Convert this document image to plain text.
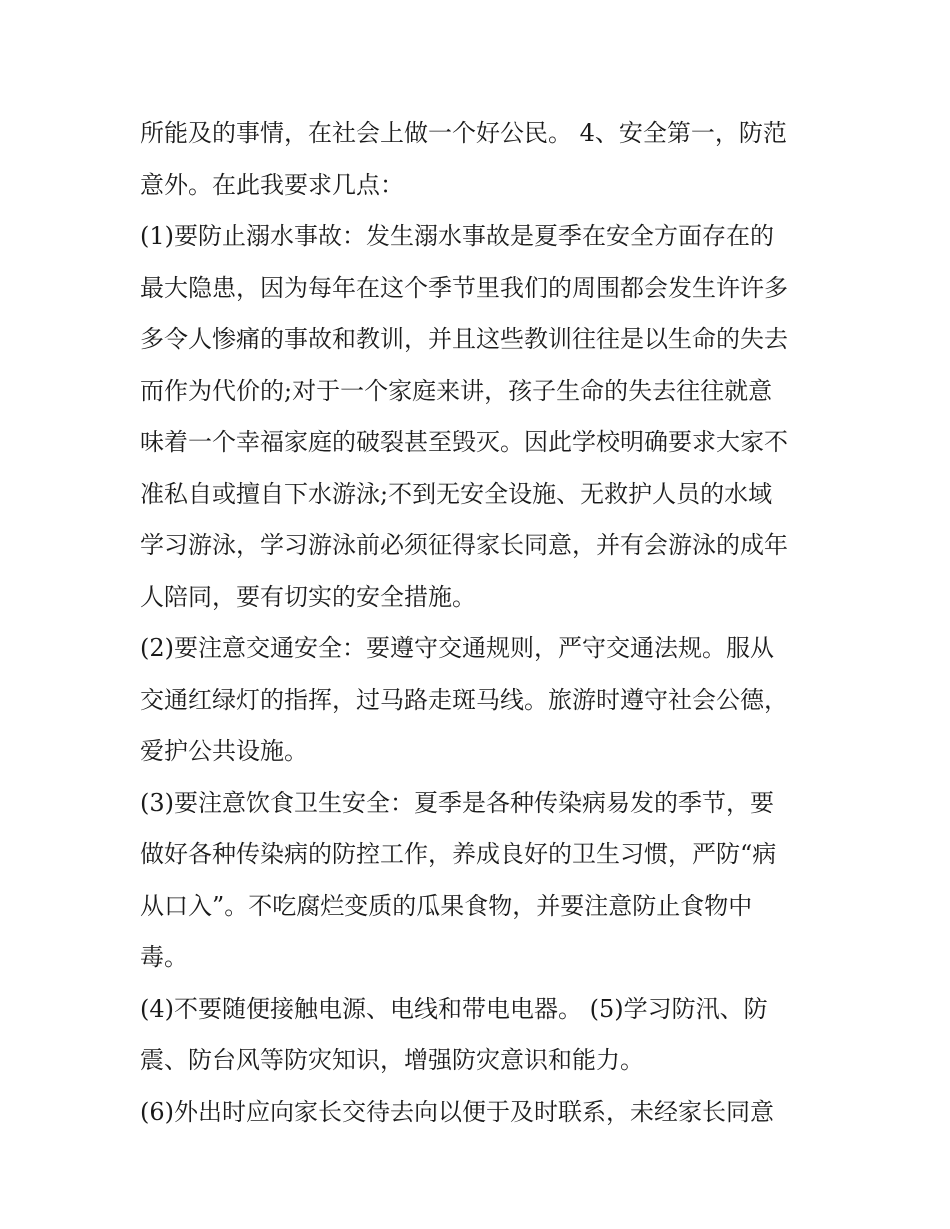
所能及的事情，在社会上做一个好公民。 4、安全第一，防范

意外。在此我要求几点：

(1)要防止溺水事故：发生溺水事故是夏季在安全方面存在的

最大隐患，因为每年在这个季节里我们的周围都会发生许许多

多令人惨痛的事故和教训，并且这些教训往往是以生命的失去

而作为代价的;对于一个家庭来讲，孩子生命的失去往往就意

味着一个幸福家庭的破裂甚至毁灭。因此学校明确要求大家不

准私自或擅自下水游泳;不到无安全设施、无救护人员的水域

学习游泳，学习游泳前必须征得家长同意，并有会游泳的成年

人陪同，要有切实的安全措施。

(2)要注意交通安全：要遵守交通规则，严守交通法规。服从

交通红绿灯的指挥，过马路走斑马线。旅游时遵守社会公德，

爱护公共设施。

(3)要注意饮食卫生安全：夏季是各种传染病易发的季节，要

做好各种传染病的防控工作，养成良好的卫生习惯，严防“病

从口入”。不吃腐烂变质的瓜果食物，并要注意防止食物中

毒。

(4)不要随便接触电源、电线和带电电器。 (5)学习防汛、防

震、防台风等防灾知识，增强防灾意识和能力。

(6)外出时应向家长交待去向以便于及时联系，未经家长同意
